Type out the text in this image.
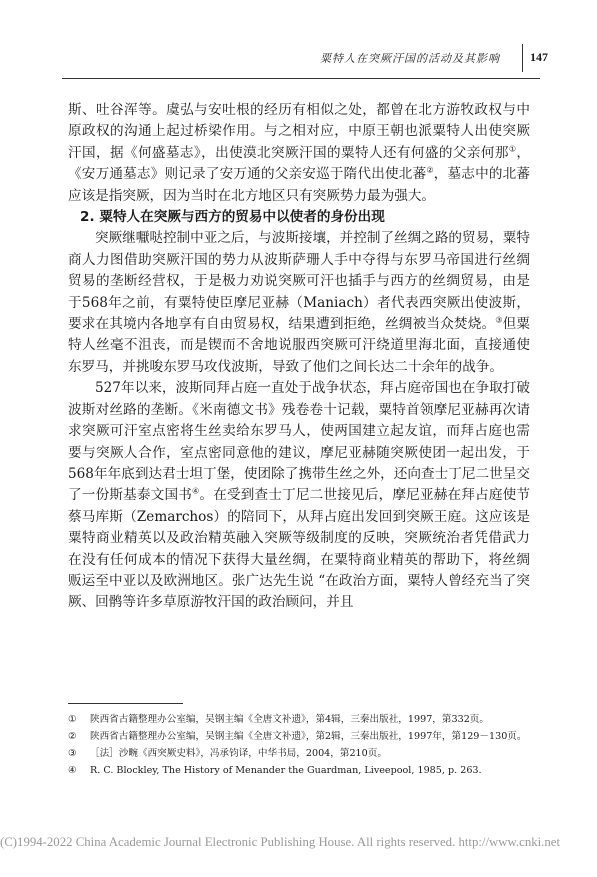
粟特人在突厥汗国的活动及其影响	147

斯、吐谷浑等。虞弘与安吐根的经历有相似之处，都曾在北方游牧政权与中原政权的沟通上起过桥梁作用。与之相对应，中原王朝也派粟特人出使突厥汗国，据《何盛墓志》，出使漠北突厥汗国的粟特人还有何盛的父亲何那①，《安万通墓志》则记录了安万通的父亲安巡于隋代出使北蕃②，墓志中的北蕃应该是指突厥，因为当时在北方地区只有突厥势力最为强大。

2. 粟特人在突厥与西方的贸易中以使者的身份出现

突厥继嚈哒控制中亚之后，与波斯接壤，并控制了丝绸之路的贸易，粟特商人力图借助突厥汗国的势力从波斯萨珊人手中夺得与东罗马帝国进行丝绸贸易的垄断经营权，于是极力劝说突厥可汗也插手与西方的丝绸贸易，由是于568年之前，有粟特使臣摩尼亚赫（Maniach）者代表西突厥出使波斯，要求在其境内各地享有自由贸易权，结果遭到拒绝，丝绸被当众焚烧。③但粟特人丝毫不沮丧，而是锲而不舍地说服西突厥可汗绕道里海北面，直接通使东罗马，并挑唆东罗马攻伐波斯，导致了他们之间长达二十余年的战争。

527年以来，波斯同拜占庭一直处于战争状态，拜占庭帝国也在争取打破波斯对丝路的垄断。《米南德文书》残卷卷十记载，粟特首领摩尼亚赫再次请求突厥可汗室点密将生丝卖给东罗马人，使两国建立起友谊，而拜占庭也需要与突厥人合作，室点密同意他的建议，摩尼亚赫随突厥使团一起出发，于568年年底到达君士坦丁堡，使团除了携带生丝之外，还向查士丁尼二世呈交了一份斯基泰文国书④。在受到查士丁尼二世接见后，摩尼亚赫在拜占庭使节蔡马库斯（Zemarchos）的陪同下，从拜占庭出发回到突厥王庭。这应该是粟特商业精英以及政治精英融入突厥等级制度的反映，突厥统治者凭借武力在没有任何成本的情况下获得大量丝绸，在粟特商业精英的帮助下，将丝绸贩运至中亚以及欧洲地区。张广达先生说 “在政治方面，粟特人曾经充当了突厥、回鹘等许多草原游牧汗国的政治顾问，并且

①	陕西省古籍整理办公室编，吴钢主编《全唐文补遗》，第4辑，三秦出版社，1997，第332页。
②	陕西省古籍整理办公室编，吴钢主编《全唐文补遗》，第2辑，三秦出版社，1997年，第129－130页。
③	［法］沙畹《西突厥史料》，冯承钧译，中华书局，2004，第210页。
④	R. C. Blockley, The History of Menander the Guardman, Liveepool, 1985, p. 263.
(C)1994-2022 China Academic Journal Electronic Publishing House. All rights reserved. http://www.cnki.net
